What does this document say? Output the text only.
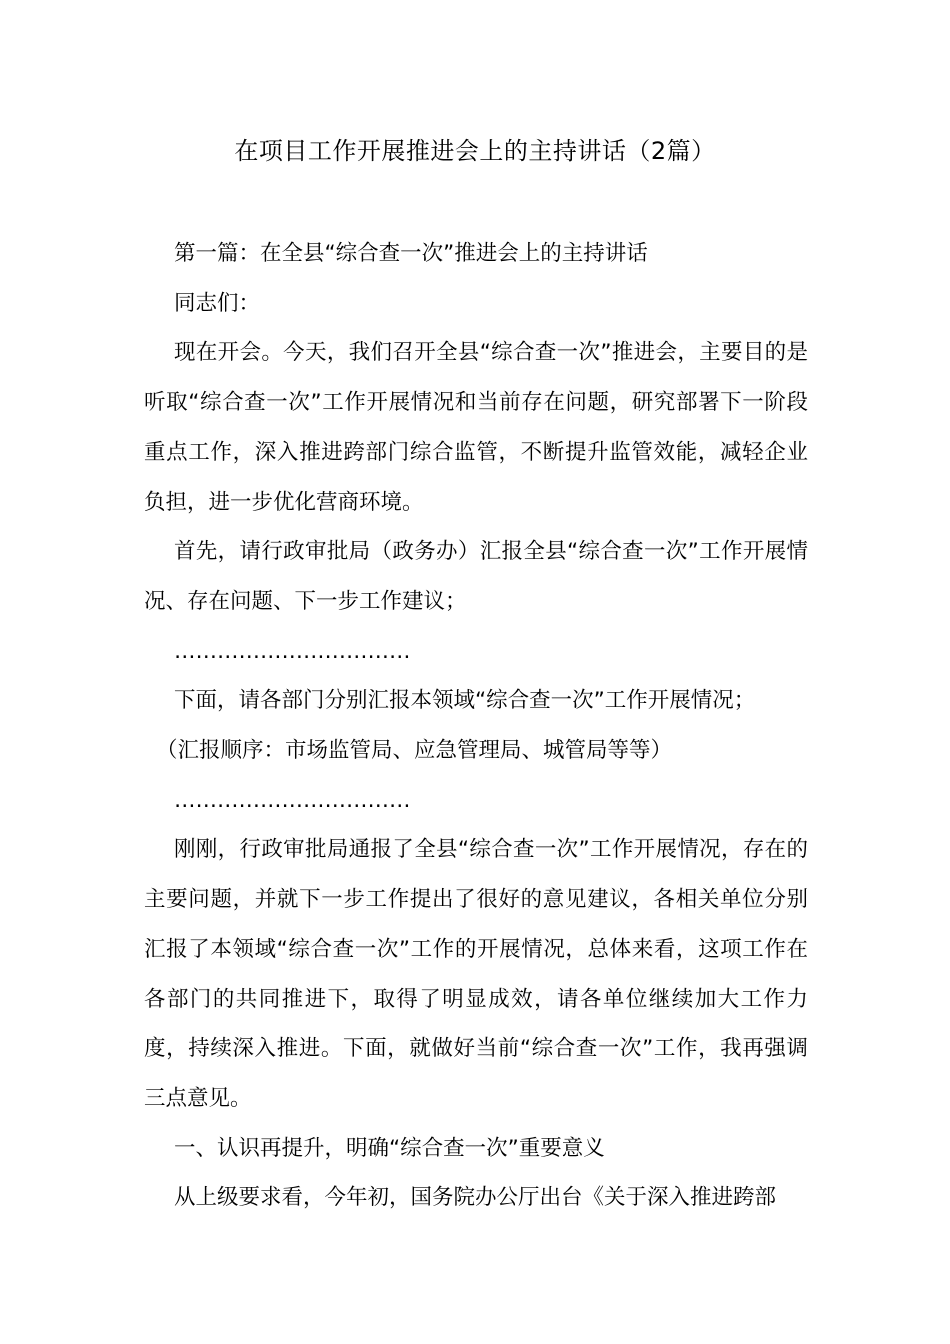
在项目工作开展推进会上的主持讲话（2篇）

第一篇：在全县“综合查一次”推进会上的主持讲话

同志们：

现在开会。今天，我们召开全县“综合查一次”推进会，主要目的是听取“综合查一次”工作开展情况和当前存在问题，研究部署下一阶段重点工作，深入推进跨部门综合监管，不断提升监管效能，减轻企业负担，进一步优化营商环境。

首先，请行政审批局（政务办）汇报全县“综合查一次”工作开展情况、存在问题、下一步工作建议；

……………………………

下面，请各部门分别汇报本领域“综合查一次”工作开展情况；

（汇报顺序：市场监管局、应急管理局、城管局等等）

……………………………

刚刚，行政审批局通报了全县“综合查一次”工作开展情况，存在的主要问题，并就下一步工作提出了很好的意见建议，各相关单位分别汇报了本领域“综合查一次”工作的开展情况，总体来看，这项工作在各部门的共同推进下，取得了明显成效，请各单位继续加大工作力度，持续深入推进。下面，就做好当前“综合查一次”工作，我再强调三点意见。

一、认识再提升，明确“综合查一次”重要意义

从上级要求看，今年初，国务院办公厅出台《关于深入推进跨部
